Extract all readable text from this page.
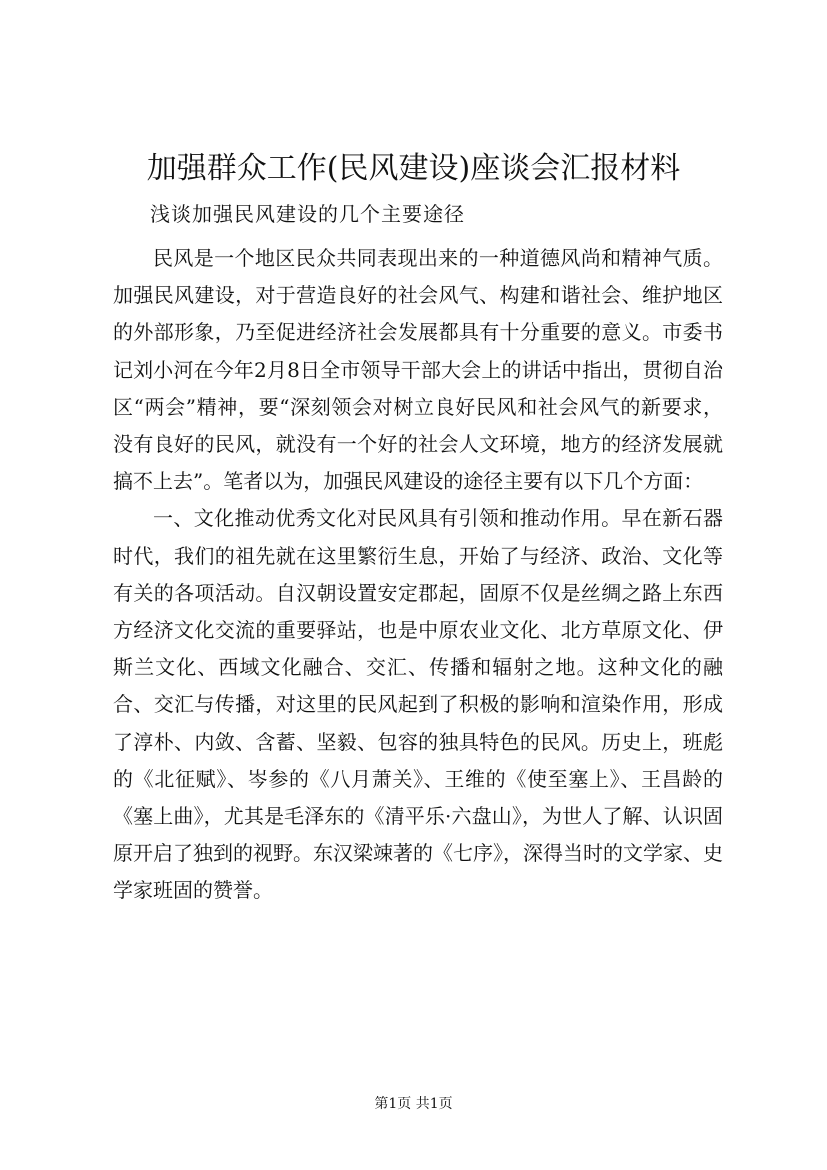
加强群众工作(民风建设)座谈会汇报材料
浅谈加强民风建设的几个主要途径

民风是一个地区民众共同表现出来的一种道德风尚和精神气质。加强民风建设，对于营造良好的社会风气、构建和谐社会、维护地区的外部形象，乃至促进经济社会发展都具有十分重要的意义。市委书记刘小河在今年2月8日全市领导干部大会上的讲话中指出，贯彻自治区“两会”精神，要“深刻领会对树立良好民风和社会风气的新要求，没有良好的民风，就没有一个好的社会人文环境，地方的经济发展就搞不上去”。笔者以为，加强民风建设的途径主要有以下几个方面：

一、文化推动优秀文化对民风具有引领和推动作用。早在新石器时代，我们的祖先就在这里繁衍生息，开始了与经济、政治、文化等有关的各项活动。自汉朝设置安定郡起，固原不仅是丝绸之路上东西方经济文化交流的重要驿站，也是中原农业文化、北方草原文化、伊斯兰文化、西域文化融合、交汇、传播和辐射之地。这种文化的融合、交汇与传播，对这里的民风起到了积极的影响和渲染作用，形成了淳朴、内敛、含蓄、坚毅、包容的独具特色的民风。历史上，班彪的《北征赋》、岑参的《八月萧关》、王维的《使至塞上》、王昌龄的《塞上曲》，尤其是毛泽东的《清平乐·六盘山》，为世人了解、认识固原开启了独到的视野。东汉梁竦著的《七序》，深得当时的文学家、史学家班固的赞誉。

第1页 共1页
